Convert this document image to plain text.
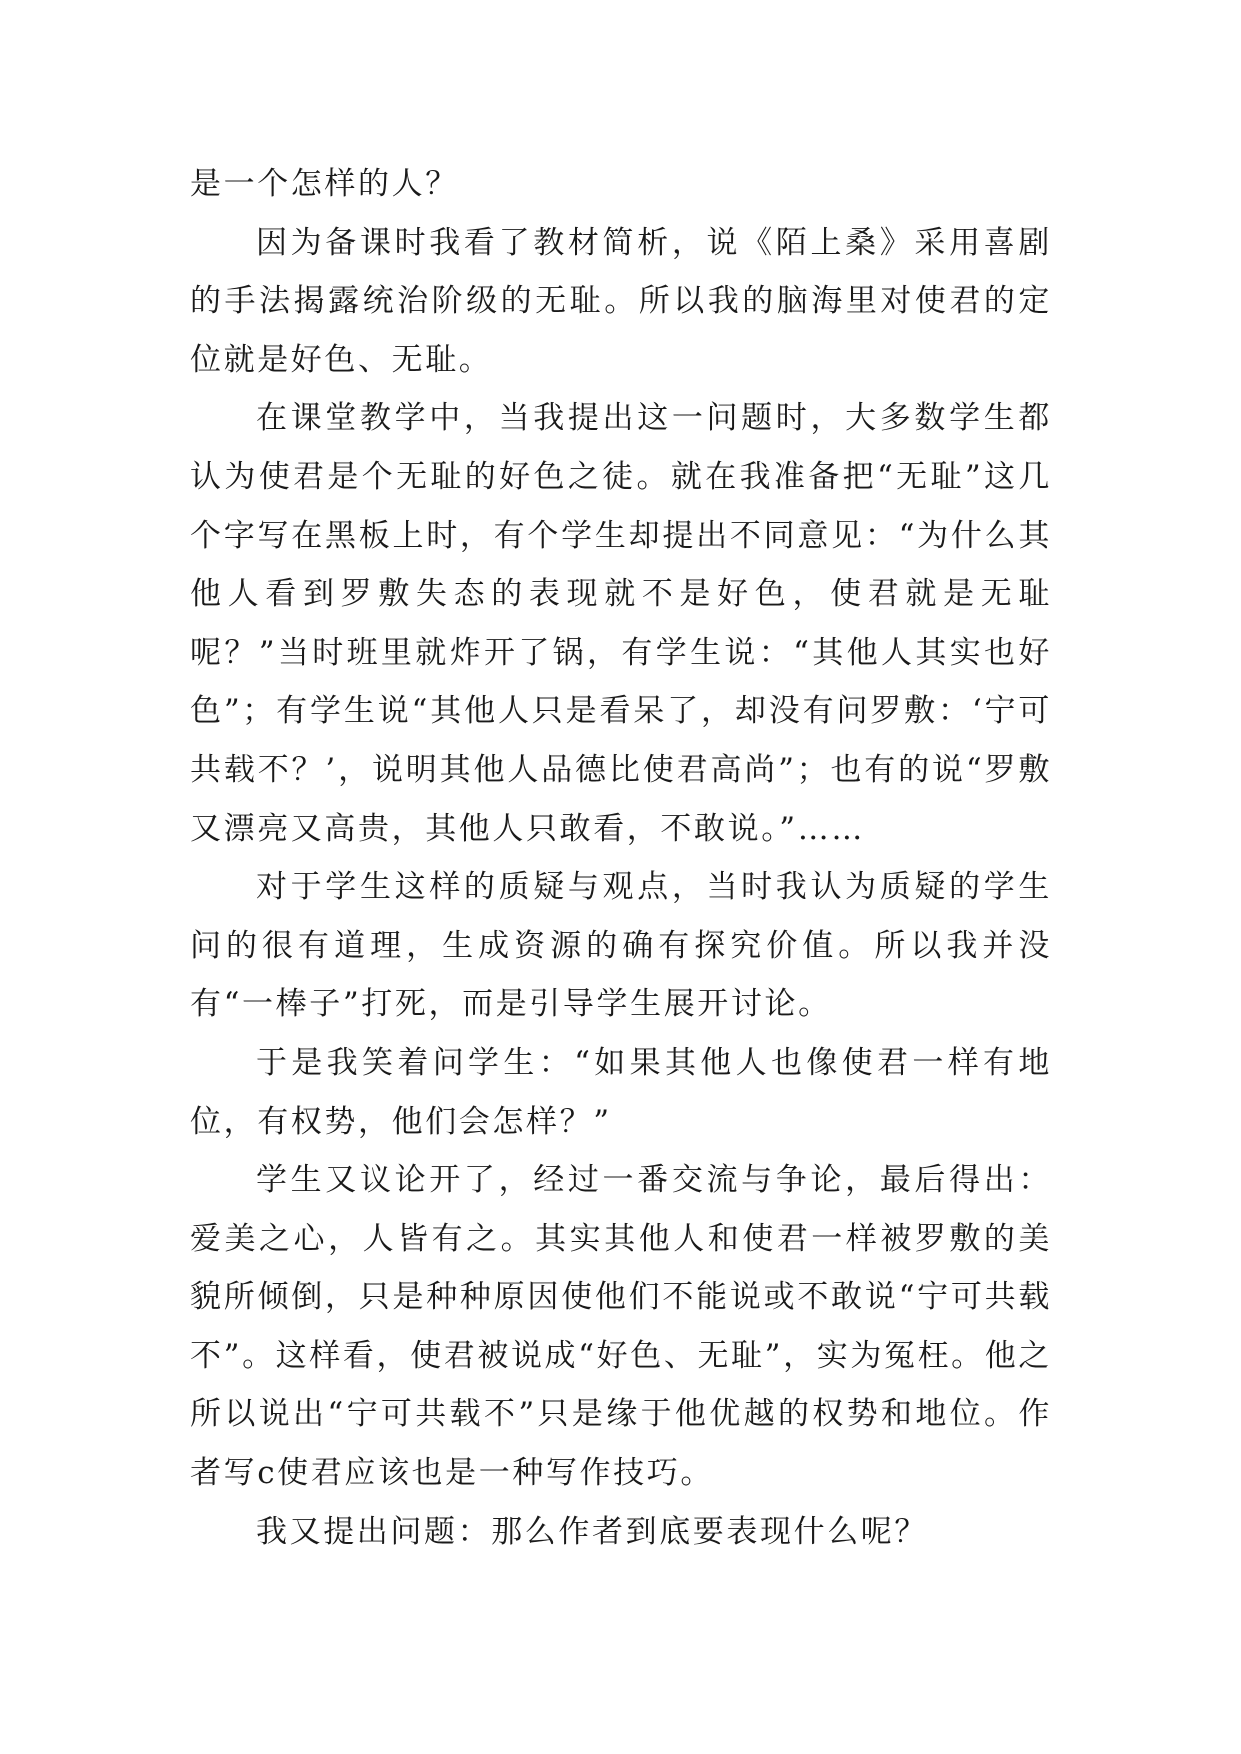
是一个怎样的人？

因为备课时我看了教材简析，说《陌上桑》采用喜剧的手法揭露统治阶级的无耻。所以我的脑海里对使君的定位就是好色、无耻。

在课堂教学中，当我提出这一问题时，大多数学生都认为使君是个无耻的好色之徒。就在我准备把“无耻”这几个字写在黑板上时，有个学生却提出不同意见：“为什么其他人看到罗敷失态的表现就不是好色，使君就是无耻呢？”当时班里就炸开了锅，有学生说：“其他人其实也好色”；有学生说“其他人只是看呆了，却没有问罗敷：‘宁可共载不？’，说明其他人品德比使君高尚”；也有的说“罗敷又漂亮又高贵，其他人只敢看，不敢说。”……

对于学生这样的质疑与观点，当时我认为质疑的学生问的很有道理，生成资源的确有探究价值。所以我并没有“一棒子”打死，而是引导学生展开讨论。

于是我笑着问学生：“如果其他人也像使君一样有地位，有权势，他们会怎样？”

学生又议论开了，经过一番交流与争论，最后得出：爱美之心，人皆有之。其实其他人和使君一样被罗敷的美貌所倾倒，只是种种原因使他们不能说或不敢说“宁可共载不”。这样看，使君被说成“好色、无耻”，实为冤枉。他之所以说出“宁可共载不”只是缘于他优越的权势和地位。作者写c使君应该也是一种写作技巧。

我又提出问题：那么作者到底要表现什么呢？
